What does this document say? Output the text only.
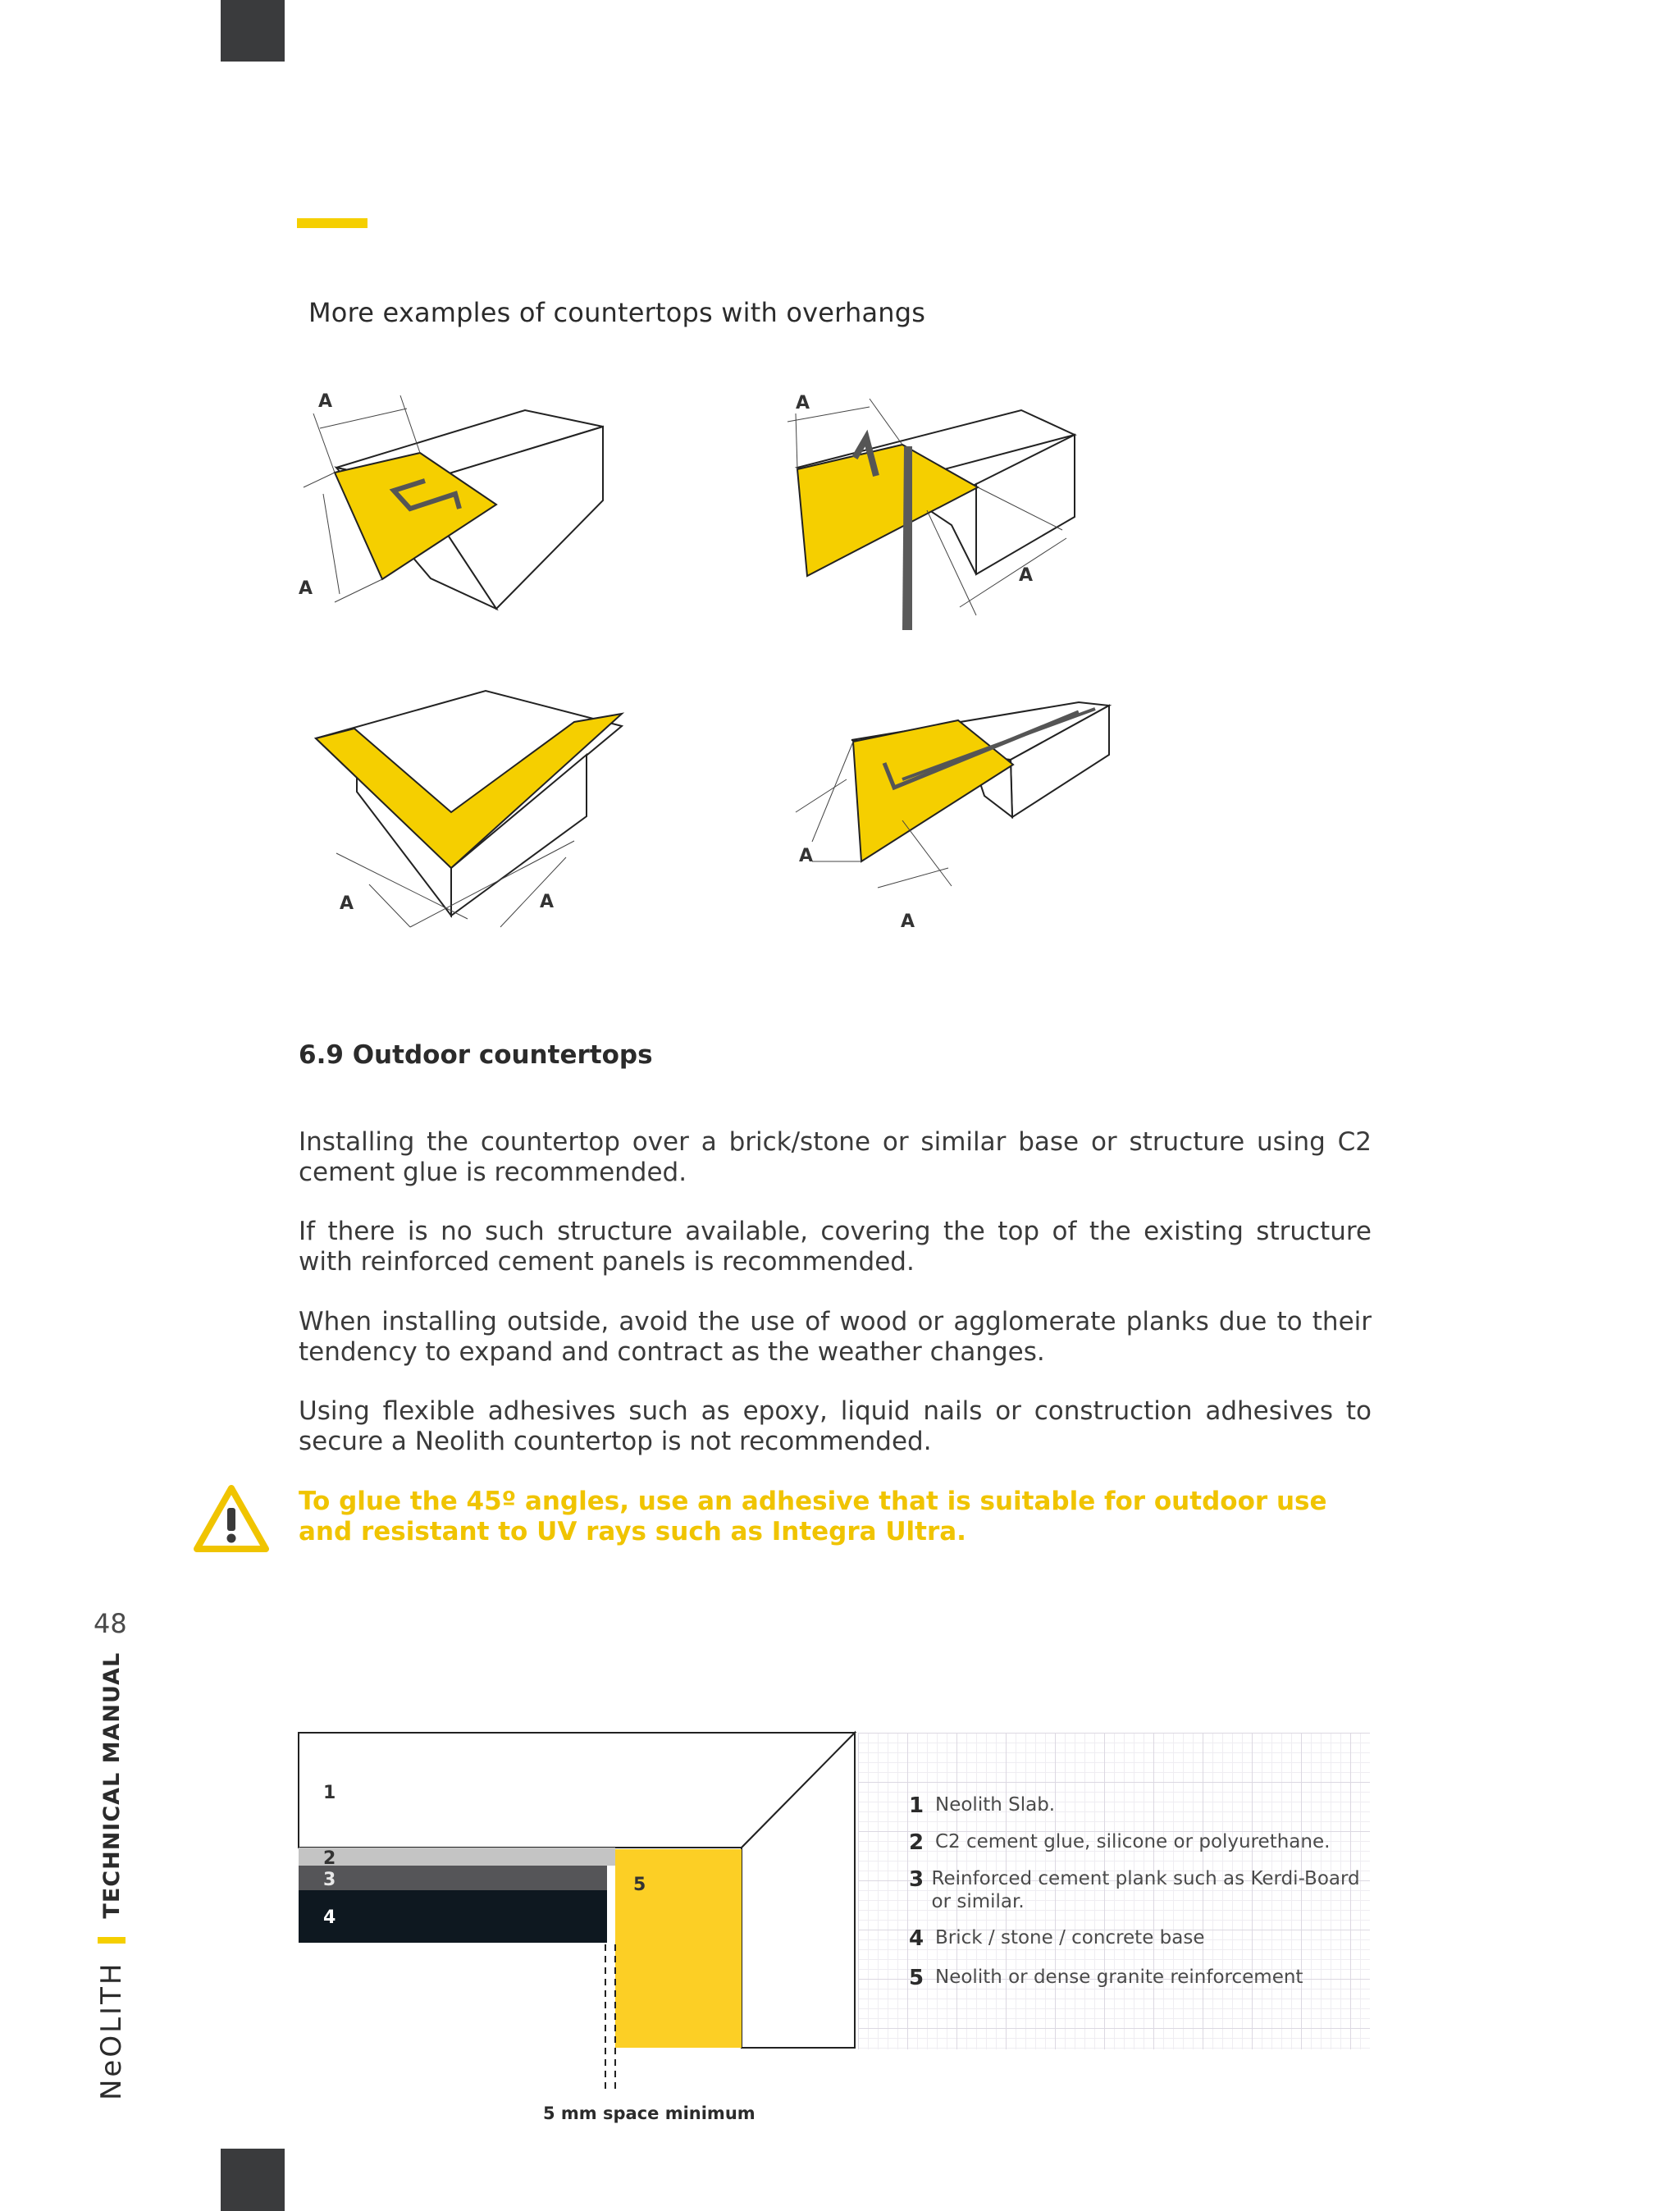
More examples of countertops with overhangs
A
A
A
A
A	A
A
A
6.9 Outdoor countertops
Installing the countertop over a brick/stone or similar base or structure using C2 cement glue is recommended.
If there is no such structure available, covering the top of the existing structure with reinforced cement panels is recommended.
When installing outside, avoid the use of wood or agglomerate planks due to their tendency to expand and contract as the weather changes.
Using flexible adhesives such as epoxy, liquid nails or construction adhesives to secure a Neolith countertop is not recommended.
To glue the 45º angles, use an adhesive that is suitable for outdoor use and resistant to UV rays such as Integra Ultra.
48
NeOLITH
TECHNICAL MANUAL	1
2
3
4
5
5 mm space minimum
1 Neolith Slab.
2 C2 cement glue, silicone or polyurethane.
3 Reinforced cement plank such as Kerdi-Board or similar.
4 Brick / stone / concrete base
5 Neolith or dense granite reinforcement
